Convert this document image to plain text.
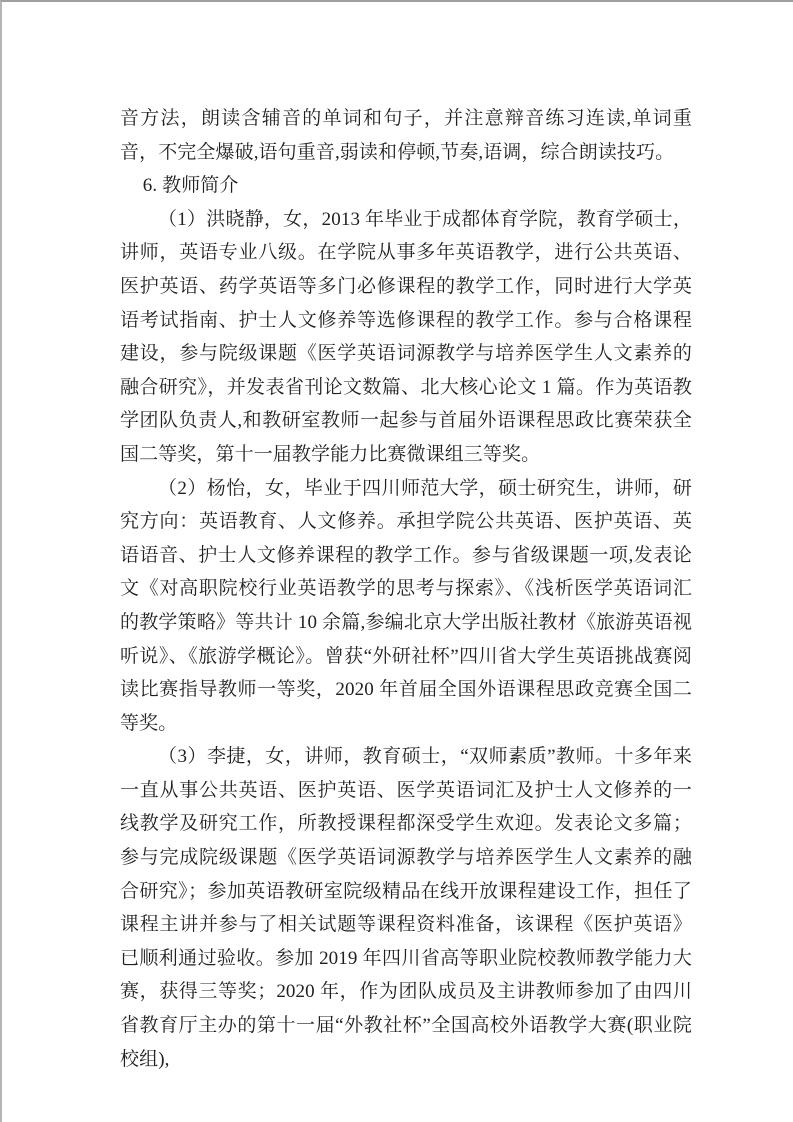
音方法，朗读含辅音的单词和句子，并注意辩音练习连读,单词重音，不完全爆破,语句重音,弱读和停顿,节奏,语调，综合朗读技巧。

6. 教师简介

（1）洪晓静，女，2013 年毕业于成都体育学院，教育学硕士，讲师，英语专业八级。在学院从事多年英语教学，进行公共英语、医护英语、药学英语等多门必修课程的教学工作，同时进行大学英语考试指南、护士人文修养等选修课程的教学工作。参与合格课程建设，参与院级课题《医学英语词源教学与培养医学生人文素养的融合研究》，并发表省刊论文数篇、北大核心论文 1 篇。作为英语教学团队负责人,和教研室教师一起参与首届外语课程思政比赛荣获全国二等奖，第十一届教学能力比赛微课组三等奖。

（2）杨怡，女，毕业于四川师范大学，硕士研究生，讲师，研究方向：英语教育、人文修养。承担学院公共英语、医护英语、英语语音、护士人文修养课程的教学工作。参与省级课题一项,发表论文《对高职院校行业英语教学的思考与探索》、《浅析医学英语词汇的教学策略》等共计 10 余篇,参编北京大学出版社教材《旅游英语视听说》、《旅游学概论》。曾获“外研社杯”四川省大学生英语挑战赛阅读比赛指导教师一等奖，2020 年首届全国外语课程思政竞赛全国二等奖。

（3）李捷，女，讲师，教育硕士，“双师素质”教师。十多年来一直从事公共英语、医护英语、医学英语词汇及护士人文修养的一线教学及研究工作，所教授课程都深受学生欢迎。发表论文多篇；参与完成院级课题《医学英语词源教学与培养医学生人文素养的融合研究》；参加英语教研室院级精品在线开放课程建设工作，担任了课程主讲并参与了相关试题等课程资料准备，该课程《医护英语》已顺利通过验收。参加 2019 年四川省高等职业院校教师教学能力大赛，获得三等奖；2020 年，作为团队成员及主讲教师参加了由四川省教育厅主办的第十一届“外教社杯”全国高校外语教学大赛(职业院校组),
